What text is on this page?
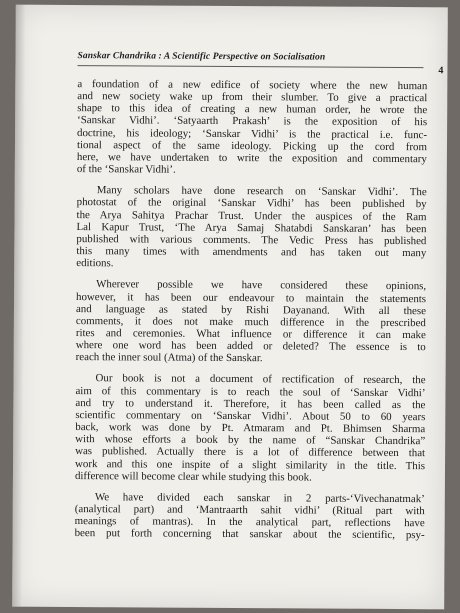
Sanskar Chandrika : A Scientific Perspective on Socialisation
4
a foundation of a new edifice of society where the new human
and new society wake up from their slumber. To give a practical
shape to this idea of creating a new human order, he wrote the
‘Sanskar Vidhi’. ‘Satyaarth Prakash’ is the exposition of his
doctrine, his ideology; ‘Sanskar Vidhi’ is the practical i.e. func-
tional aspect of the same ideology. Picking up the cord from
here, we have undertaken to write the exposition and commentary
of the ‘Sanskar Vidhi’.
Many scholars have done research on ‘Sanskar Vidhi’. The
photostat of the original ‘Sanskar Vidhi’ has been published by
the Arya Sahitya Prachar Trust. Under the auspices of the Ram
Lal Kapur Trust, ‘The Arya Samaj Shatabdi Sanskaran’ has been
published with various comments. The Vedic Press has published
this many times with amendments and has taken out many
editions.
Wherever possible we have considered these opinions,
however, it has been our endeavour to maintain the statements
and language as stated by Rishi Dayanand. With all these
comments, it does not make much difference in the prescribed
rites and ceremonies. What influence or difference it can make
where one word has been added or deleted? The essence is to
reach the inner soul (Atma) of the Sanskar.
Our book is not a document of rectification of research, the
aim of this commentary is to reach the soul of ‘Sanskar Vidhi’
and try to understand it. Therefore, it has been called as the
scientific commentary on ‘Sanskar Vidhi’. About 50 to 60 years
back, work was done by Pt. Atmaram and Pt. Bhimsen Sharma
with whose efforts a book by the name of “Sanskar Chandrika”
was published. Actually there is a lot of difference between that
work and this one inspite of a slight similarity in the title. This
difference will become clear while studying this book.
We have divided each sanskar in 2 parts-‘Vivechanatmak’
(analytical part) and ‘Mantraarth sahit vidhi’ (Ritual part with
meanings of mantras). In the analytical part, reflections have
been put forth concerning that sanskar about the scientific, psy-
